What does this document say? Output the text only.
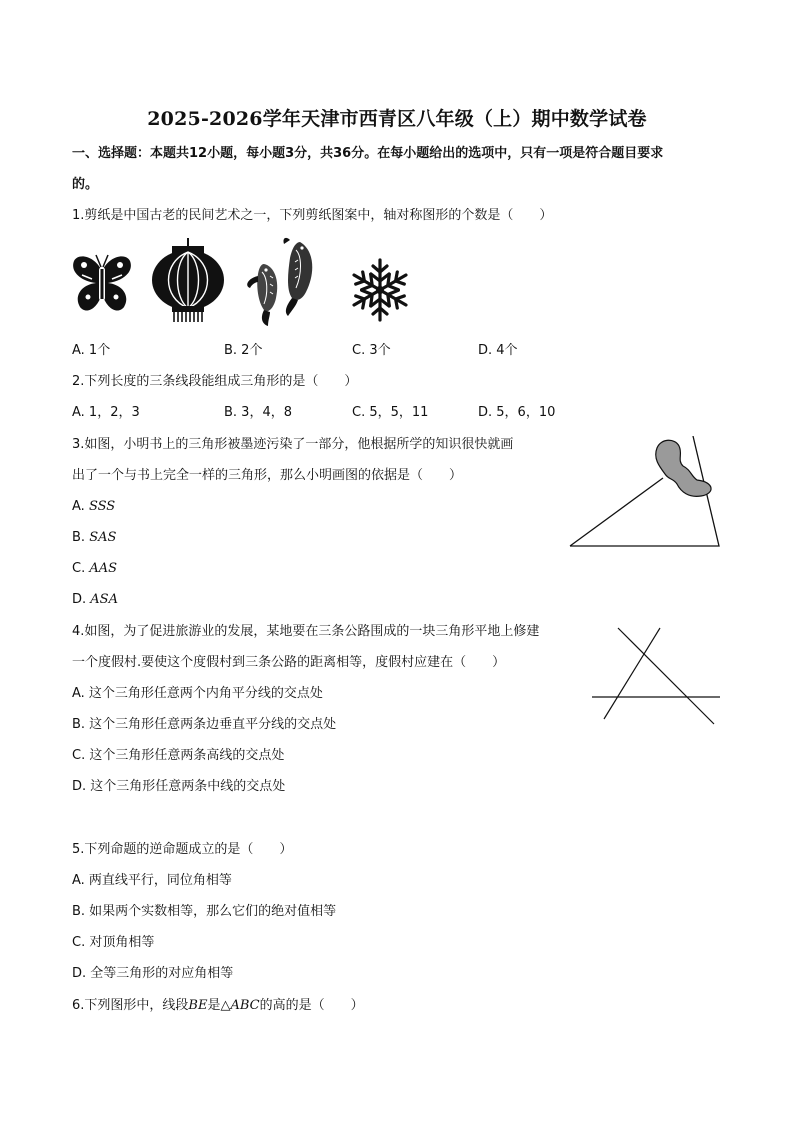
2025-2026学年天津市西青区八年级（上）期中数学试卷
一、选择题：本题共12小题，每小题3分，共36分。在每小题给出的选项中，只有一项是符合题目要求
的。
1.剪纸是中国古老的民间艺术之一，下列剪纸图案中，轴对称图形的个数是（　　）
A. 1个	B. 2个	C. 3个	D. 4个
2.下列长度的三条线段能组成三角形的是（　　）
A. 1，2，3	B. 3，4，8	C. 5，5，11	D. 5，6，10
3.如图，小明书上的三角形被墨迹污染了一部分，他根据所学的知识很快就画
出了一个与书上完全一样的三角形，那么小明画图的依据是（　　）
A. SSS
B. SAS
C. AAS
D. ASA
4.如图，为了促进旅游业的发展，某地要在三条公路围成的一块三角形平地上修建
一个度假村.要使这个度假村到三条公路的距离相等，度假村应建在（　　）
A. 这个三角形任意两个内角平分线的交点处
B. 这个三角形任意两条边垂直平分线的交点处
C. 这个三角形任意两条高线的交点处
D. 这个三角形任意两条中线的交点处
5.下列命题的逆命题成立的是（　　）
A. 两直线平行，同位角相等
B. 如果两个实数相等，那么它们的绝对值相等
C. 对顶角相等
D. 全等三角形的对应角相等
6.下列图形中，线段BE是△ABC的高的是（　　）
